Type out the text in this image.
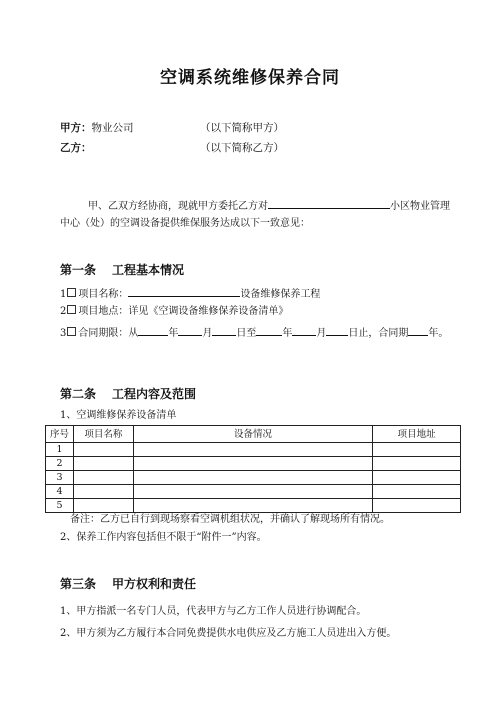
空调系统维修保养合同
甲方：物业公司	（以下简称甲方）
乙方：	（以下简称乙方）
甲、乙双方经协商，现就甲方委托乙方对	小区物业管理
中心（处）的空调设备提供维保服务达成以下一致意见：
第一条 工程基本情况
1 项目名称：	设备维修保养工程
2 项目地点：详见《空调设备维修保养设备清单》
3 合同期限：从	年 月 日至	年 月 日止，合同期 年。
第二条 工程内容及范围
1、空调维修保养设备清单
序号	项目名称	设备情况	项目地址
1			
2			
3			
4			
5			
备注：乙方已自行到现场察看空调机组状况，并确认了解现场所有情况。
2、保养工作内容包括但不限于“附件一”内容。
第三条 甲方权利和责任
1、甲方指派一名专门人员，代表甲方与乙方工作人员进行协调配合。
2、甲方须为乙方履行本合同免费提供水电供应及乙方施工人员进出入方便。
